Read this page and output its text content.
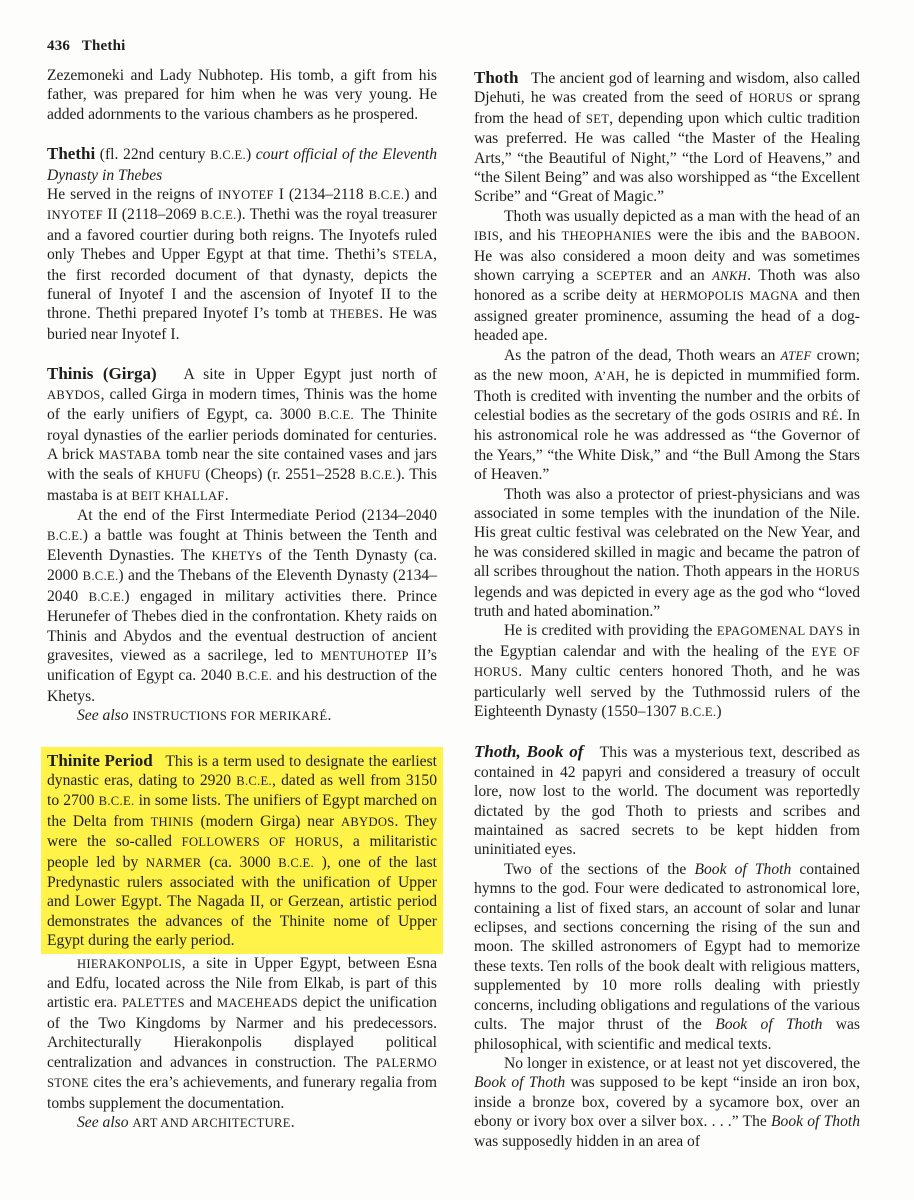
436 Thethi

Zezemoneki and Lady Nubhotep. His tomb, a gift from his father, was prepared for him when he was very young. He added adornments to the various chambers as he prospered.

Thethi (fl. 22nd century B.C.E.) court official of the Eleventh Dynasty in Thebes

He served in the reigns of INYOTEF I (2134–2118 B.C.E.) and INYOTEF II (2118–2069 B.C.E.). Thethi was the royal treasurer and a favored courtier during both reigns. The Inyotefs ruled only Thebes and Upper Egypt at that time. Thethi’s STELA, the first recorded document of that dynasty, depicts the funeral of Inyotef I and the ascension of Inyotef II to the throne. Thethi prepared Inyotef I’s tomb at THEBES. He was buried near Inyotef I.

Thinis (Girga) A site in Upper Egypt just north of ABYDOS, called Girga in modern times, Thinis was the home of the early unifiers of Egypt, ca. 3000 B.C.E. The Thinite royal dynasties of the earlier periods dominated for centuries. A brick MASTABA tomb near the site contained vases and jars with the seals of KHUFU (Cheops) (r. 2551–2528 B.C.E.). This mastaba is at BEIT KHALLAF.

At the end of the First Intermediate Period (2134–2040 B.C.E.) a battle was fought at Thinis between the Tenth and Eleventh Dynasties. The KHETYs of the Tenth Dynasty (ca. 2000 B.C.E.) and the Thebans of the Eleventh Dynasty (2134–2040 B.C.E.) engaged in military activities there. Prince Herunefer of Thebes died in the confrontation. Khety raids on Thinis and Abydos and the eventual destruction of ancient gravesites, viewed as a sacrilege, led to MENTUHOTEP II’s unification of Egypt ca. 2040 B.C.E. and his destruction of the Khetys.

See also INSTRUCTIONS FOR MERIKARÉ.

Thinite Period This is a term used to designate the earliest dynastic eras, dating to 2920 B.C.E., dated as well from 3150 to 2700 B.C.E. in some lists. The unifiers of Egypt marched on the Delta from THINIS (modern Girga) near ABYDOS. They were the so-called FOLLOWERS OF HORUS, a militaristic people led by NARMER (ca. 3000 B.C.E. ), one of the last Predynastic rulers associated with the unification of Upper and Lower Egypt. The Nagada II, or Gerzean, artistic period demonstrates the advances of the Thinite nome of Upper Egypt during the early period.

HIERAKONPOLIS, a site in Upper Egypt, between Esna and Edfu, located across the Nile from Elkab, is part of this artistic era. PALETTES and MACEHEADS depict the unification of the Two Kingdoms by Narmer and his predecessors. Architecturally Hierakonpolis displayed political centralization and advances in construction. The PALERMO STONE cites the era’s achievements, and funerary regalia from tombs supplement the documentation.

See also ART AND ARCHITECTURE.

Thoth The ancient god of learning and wisdom, also called Djehuti, he was created from the seed of HORUS or sprang from the head of SET, depending upon which cultic tradition was preferred. He was called “the Master of the Healing Arts,” “the Beautiful of Night,” “the Lord of Heavens,” and “the Silent Being” and was also worshipped as “the Excellent Scribe” and “Great of Magic.”

Thoth was usually depicted as a man with the head of an IBIS, and his THEOPHANIES were the ibis and the BABOON. He was also considered a moon deity and was sometimes shown carrying a SCEPTER and an ANKH. Thoth was also honored as a scribe deity at HERMOPOLIS MAGNA and then assigned greater prominence, assuming the head of a dog-headed ape.

As the patron of the dead, Thoth wears an ATEF crown; as the new moon, A’AH, he is depicted in mummified form. Thoth is credited with inventing the number and the orbits of celestial bodies as the secretary of the gods OSIRIS and RÉ. In his astronomical role he was addressed as “the Governor of the Years,” “the White Disk,” and “the Bull Among the Stars of Heaven.”

Thoth was also a protector of priest-physicians and was associated in some temples with the inundation of the Nile. His great cultic festival was celebrated on the New Year, and he was considered skilled in magic and became the patron of all scribes throughout the nation. Thoth appears in the HORUS legends and was depicted in every age as the god who “loved truth and hated abomination.”

He is credited with providing the EPAGOMENAL DAYS in the Egyptian calendar and with the healing of the EYE OF HORUS. Many cultic centers honored Thoth, and he was particularly well served by the Tuthmossid rulers of the Eighteenth Dynasty (1550–1307 B.C.E.)

Thoth, Book of This was a mysterious text, described as contained in 42 papyri and considered a treasury of occult lore, now lost to the world. The document was reportedly dictated by the god Thoth to priests and scribes and maintained as sacred secrets to be kept hidden from uninitiated eyes.

Two of the sections of the Book of Thoth contained hymns to the god. Four were dedicated to astronomical lore, containing a list of fixed stars, an account of solar and lunar eclipses, and sections concerning the rising of the sun and moon. The skilled astronomers of Egypt had to memorize these texts. Ten rolls of the book dealt with religious matters, supplemented by 10 more rolls dealing with priestly concerns, including obligations and regulations of the various cults. The major thrust of the Book of Thoth was philosophical, with scientific and medical texts.

No longer in existence, or at least not yet discovered, the Book of Thoth was supposed to be kept “inside an iron box, inside a bronze box, covered by a sycamore box, over an ebony or ivory box over a silver box. . . .” The Book of Thoth was supposedly hidden in an area of
